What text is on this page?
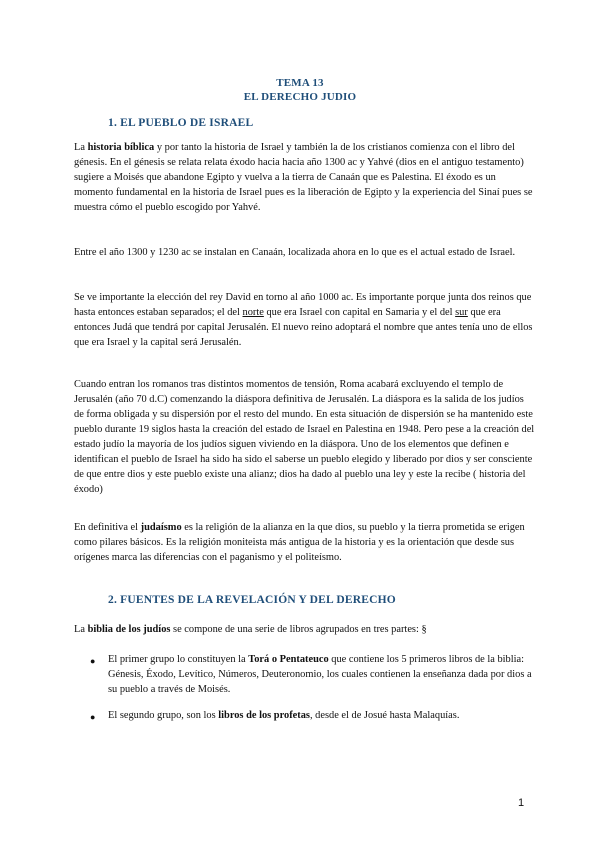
TEMA 13
EL DERECHO JUDIO
1. EL PUEBLO DE ISRAEL

La historia bíblica y por tanto la historia de Israel y también la de los cristianos comienza con el libro del génesis. En el génesis se relata relata éxodo hacia hacia año 1300 ac y Yahvé (dios en el antiguo testamento) sugiere a Moisés que abandone Egipto y vuelva a la tierra de Canaán que es Palestina. El éxodo es un momento fundamental en la historia de Israel pues es la liberación de Egipto y la experiencia del Sinaí pues se muestra cómo el pueblo escogido por Yahvé.

Entre el año 1300 y 1230 ac se instalan en Canaán, localizada ahora en lo que es el actual estado de Israel.

Se ve importante la elección del rey David en torno al año 1000 ac. Es importante porque junta dos reinos que hasta entonces estaban separados; el del norte que era Israel con capital en Samaria y el del sur que era entonces Judá que tendrá por capital Jerusalén. El nuevo reino adoptará el nombre que antes tenía uno de ellos que era Israel y la capital será Jerusalén.

Cuando entran los romanos tras distintos momentos de tensión, Roma acabará excluyendo el templo de Jerusalén (año 70 d.C) comenzando la diáspora definitiva de Jerusalén. La diáspora es la salida de los judíos de forma obligada y su dispersión por el resto del mundo. En esta situación de dispersión se ha mantenido este pueblo durante 19 siglos hasta la creación del estado de Israel en Palestina en 1948. Pero pese a la creación del estado judío la mayoría de los judíos siguen viviendo en la diáspora. Uno de los elementos que definen e identifican el pueblo de Israel ha sido ha sido el saberse un pueblo elegido y liberado por dios y ser consciente de que entre dios y este pueblo existe una alianz; dios ha dado al pueblo una ley y este la recibe ( historia del éxodo)

En definitiva el judaísmo es la religión de la alianza en la que dios, su pueblo y la tierra prometida se erigen como pilares básicos. Es la religión moniteista más antigua de la historia y es la orientación que desde sus orígenes marca las diferencias con el paganismo y el politeísmo.

2. FUENTES DE LA REVELACIÓN Y DEL DERECHO

La biblia de los judíos se compone de una serie de libros agrupados en tres partes: §

● El primer grupo lo constituyen la Torá o Pentateuco que contiene los 5 primeros libros de la biblia: Génesis, Éxodo, Levítico, Números, Deuteronomio, los cuales contienen la enseñanza dada por dios a su pueblo a través de Moisés.

● El segundo grupo, son los libros de los profetas, desde el de Josué hasta Malaquías.

1
